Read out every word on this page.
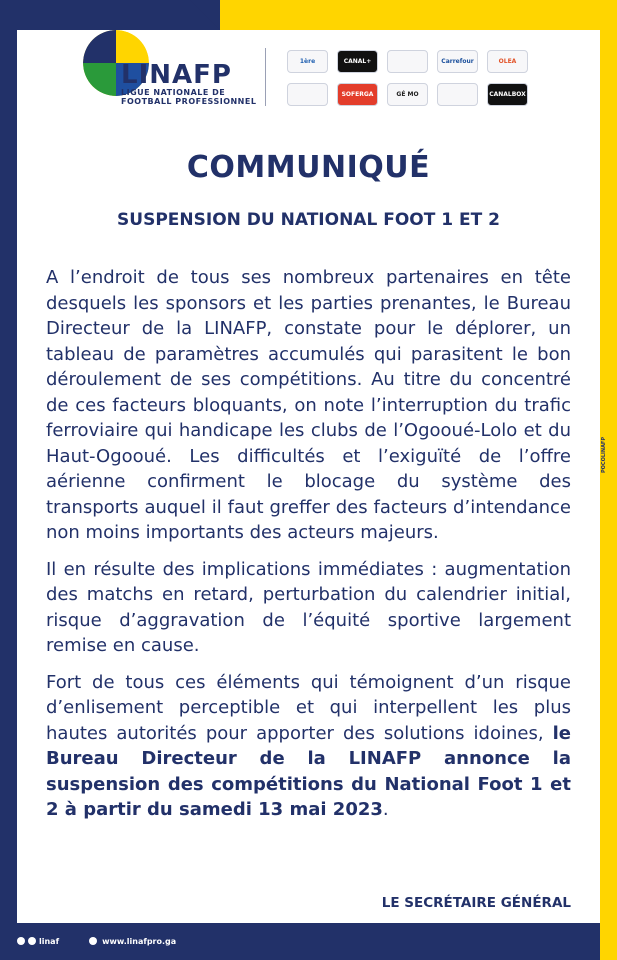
LINAFP
LIGUE NATIONALE DE
FOOTBALL PROFESSIONNEL
1ère	CANAL+	Carrefour	OLEA
SOFERGA	GÉ MO	CANALBOX
COMMUNIQUÉ
SUSPENSION DU NATIONAL FOOT 1 ET 2

A l’endroit de tous ses nombreux partenaires en tête desquels les sponsors et les parties prenantes, le Bureau Directeur de la LINAFP, constate pour le déplorer, un tableau de paramètres accumulés qui parasitent le bon déroulement de ses compétitions. Au titre du concentré de ces facteurs bloquants, on note l’interruption du trafic ferroviaire qui handicape les clubs de l’Ogooué-Lolo et du Haut-Ogooué. Les difficultés et l’exiguïté de l’offre aérienne confirment le blocage du système des transports auquel il faut greffer des facteurs d’intendance non moins importants des acteurs majeurs.

Il en résulte des implications immédiates : augmentation des matchs en retard, perturbation du calendrier initial, risque d’aggravation de l’équité sportive largement remise en cause.

Fort de tous ces éléments qui témoignent d’un risque d’enlisement perceptible et qui interpellent les plus hautes autorités pour apporter des solutions idoines, le Bureau Directeur de la LINAFP annonce la suspension des compétitions du National Foot 1 et 2 à partir du samedi 13 mai 2023.

LE SECRÉTAIRE GÉNÉRAL
POCOLINAFP
linaf	www.linafpro.ga
